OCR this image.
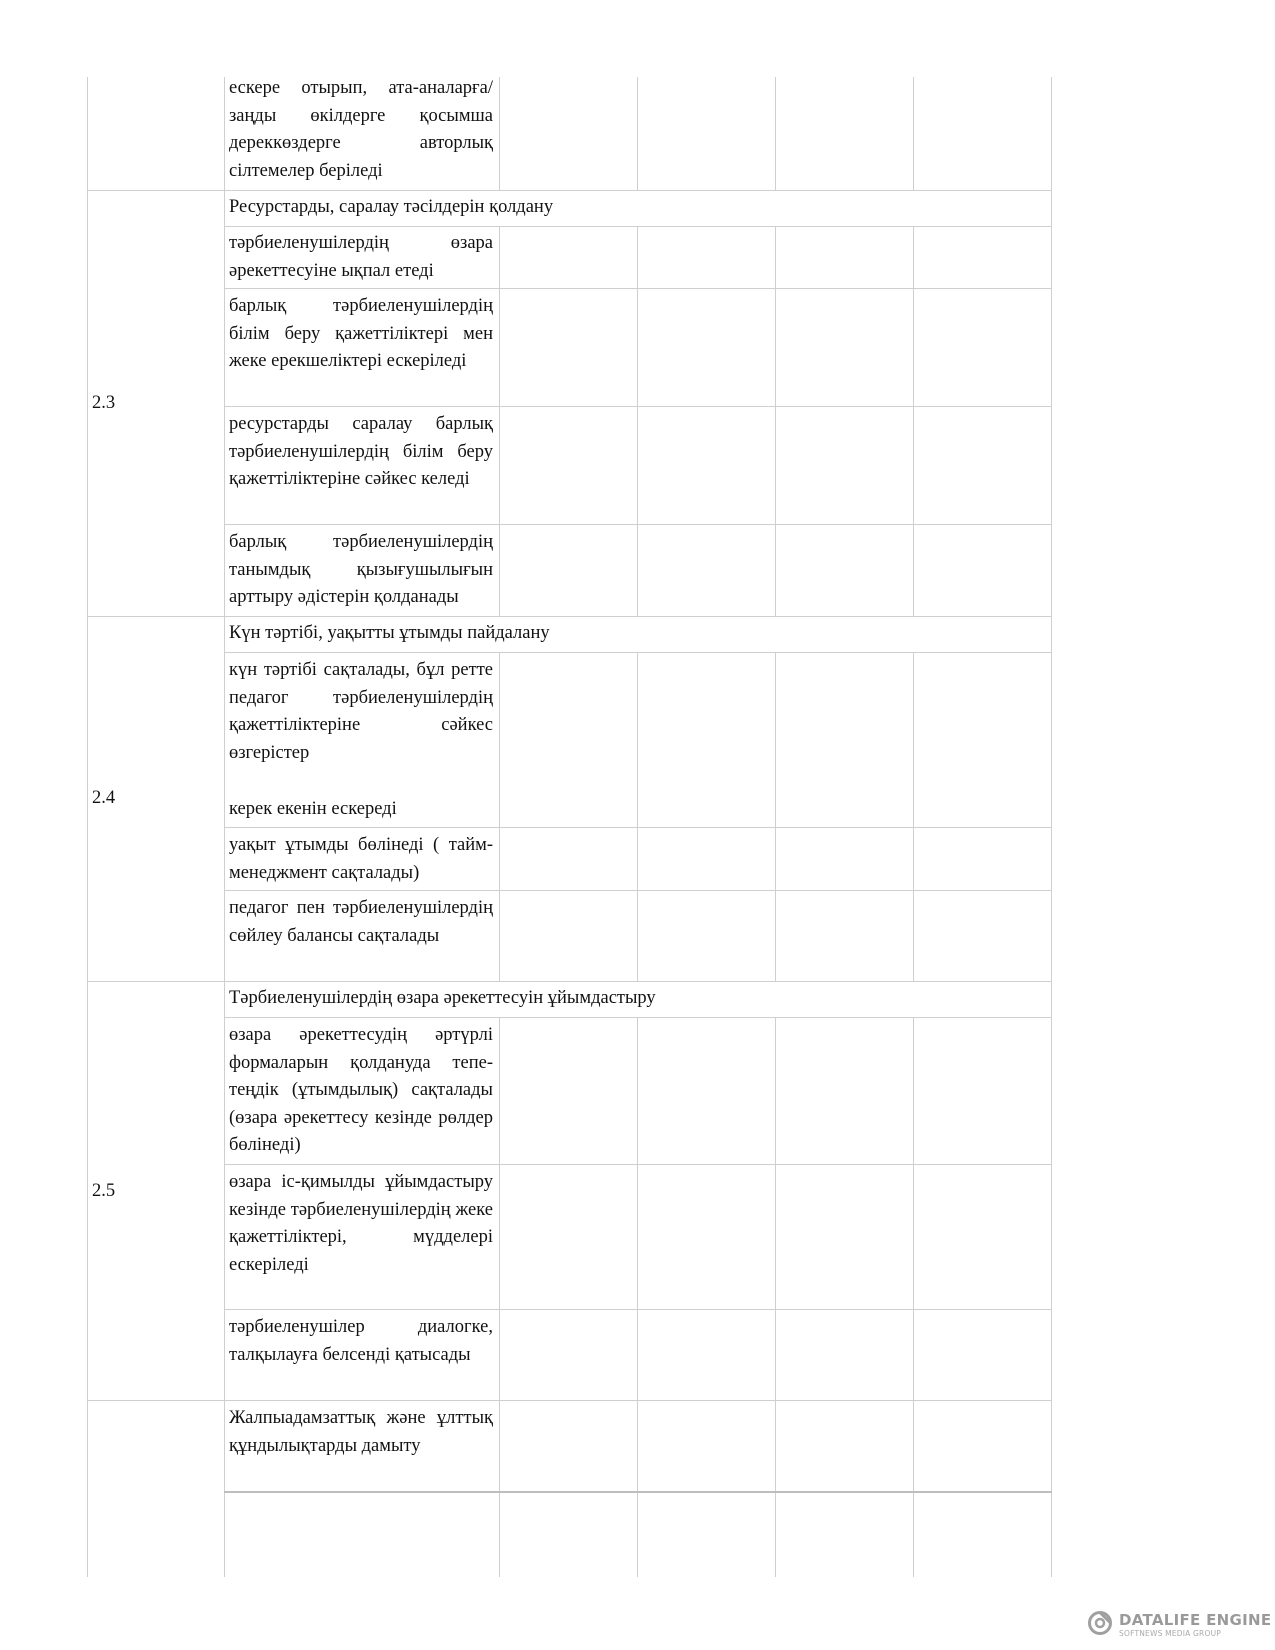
ескере отырып, ата-аналарға/ заңды өкілдерге қосымша дереккөздерге авторлық сілтемелер беріледі
Ресурстарды, саралау тәсілдерін қолдану
2.3
тәрбиеленушілердің өзара әрекеттесуіне ықпал етеді
барлық тәрбиеленушілердің білім беру қажеттіліктері мен жеке ерекшеліктері ескеріледі
ресурстарды саралау барлық тәрбиеленушілердің білім беру қажеттіліктеріне сәйкес келеді
барлық тәрбиеленушілердің танымдық қызығушылығын арттыру әдістерін қолданады
Күн тәртібі, уақытты ұтымды пайдалану
2.4
күн тәртібі сақталады, бұл ретте педагог тәрбиеленушілердің қажеттіліктеріне сәйкес өзгерістер
керек екенін ескереді
уақыт ұтымды бөлінеді ( тайм-менеджмент сақталады)
педагог пен тәрбиеленушілердің сөйлеу балансы сақталады
Тәрбиеленушілердің өзара әрекеттесуін ұйымдастыру
2.5
өзара әрекеттесудің әртүрлі формаларын қолдануда тепе-теңдік (ұтымдылық) сақталады (өзара әрекеттесу кезінде рөлдер бөлінеді)
өзара іс-қимылды ұйымдастыру кезінде тәрбиеленушілердің жеке қажеттіліктері, мүдделері ескеріледі
тәрбиеленушілер диалогке, талқылауға белсенді қатысады
Жалпыадамзаттық және ұлттық құндылықтарды дамыту
DATALIFE ENGINE
SOFTNEWS MEDIA GROUP
